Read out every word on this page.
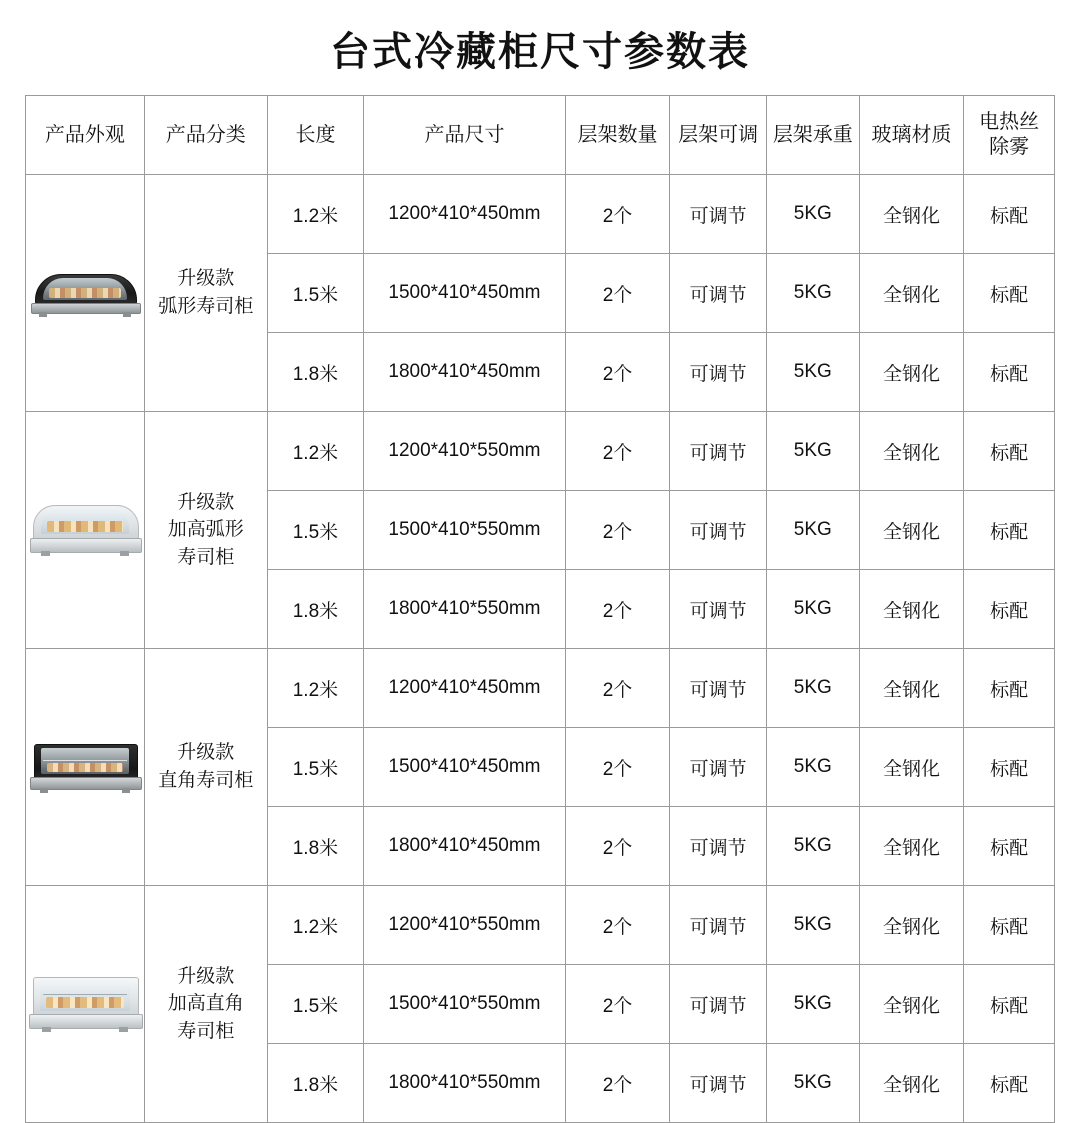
台式冷藏柜尺寸参数表
产品外观	产品分类	长度	产品尺寸	层架数量	层架可调	层架承重	玻璃材质	电热丝
除雾

	升级款
弧形寿司柜	1.2米	1200*410*450mm	2个	可调节	5KG	全钢化	标配
		1.5米	1500*410*450mm	2个	可调节	5KG	全钢化	标配
		1.8米	1800*410*450mm	2个	可调节	5KG	全钢化	标配

	升级款
加高弧形
寿司柜	1.2米	1200*410*550mm	2个	可调节	5KG	全钢化	标配
		1.5米	1500*410*550mm	2个	可调节	5KG	全钢化	标配
		1.8米	1800*410*550mm	2个	可调节	5KG	全钢化	标配

	升级款
直角寿司柜	1.2米	1200*410*450mm	2个	可调节	5KG	全钢化	标配
		1.5米	1500*410*450mm	2个	可调节	5KG	全钢化	标配
		1.8米	1800*410*450mm	2个	可调节	5KG	全钢化	标配

	升级款
加高直角
寿司柜	1.2米	1200*410*550mm	2个	可调节	5KG	全钢化	标配
		1.5米	1500*410*550mm	2个	可调节	5KG	全钢化	标配
		1.8米	1800*410*550mm	2个	可调节	5KG	全钢化	标配
